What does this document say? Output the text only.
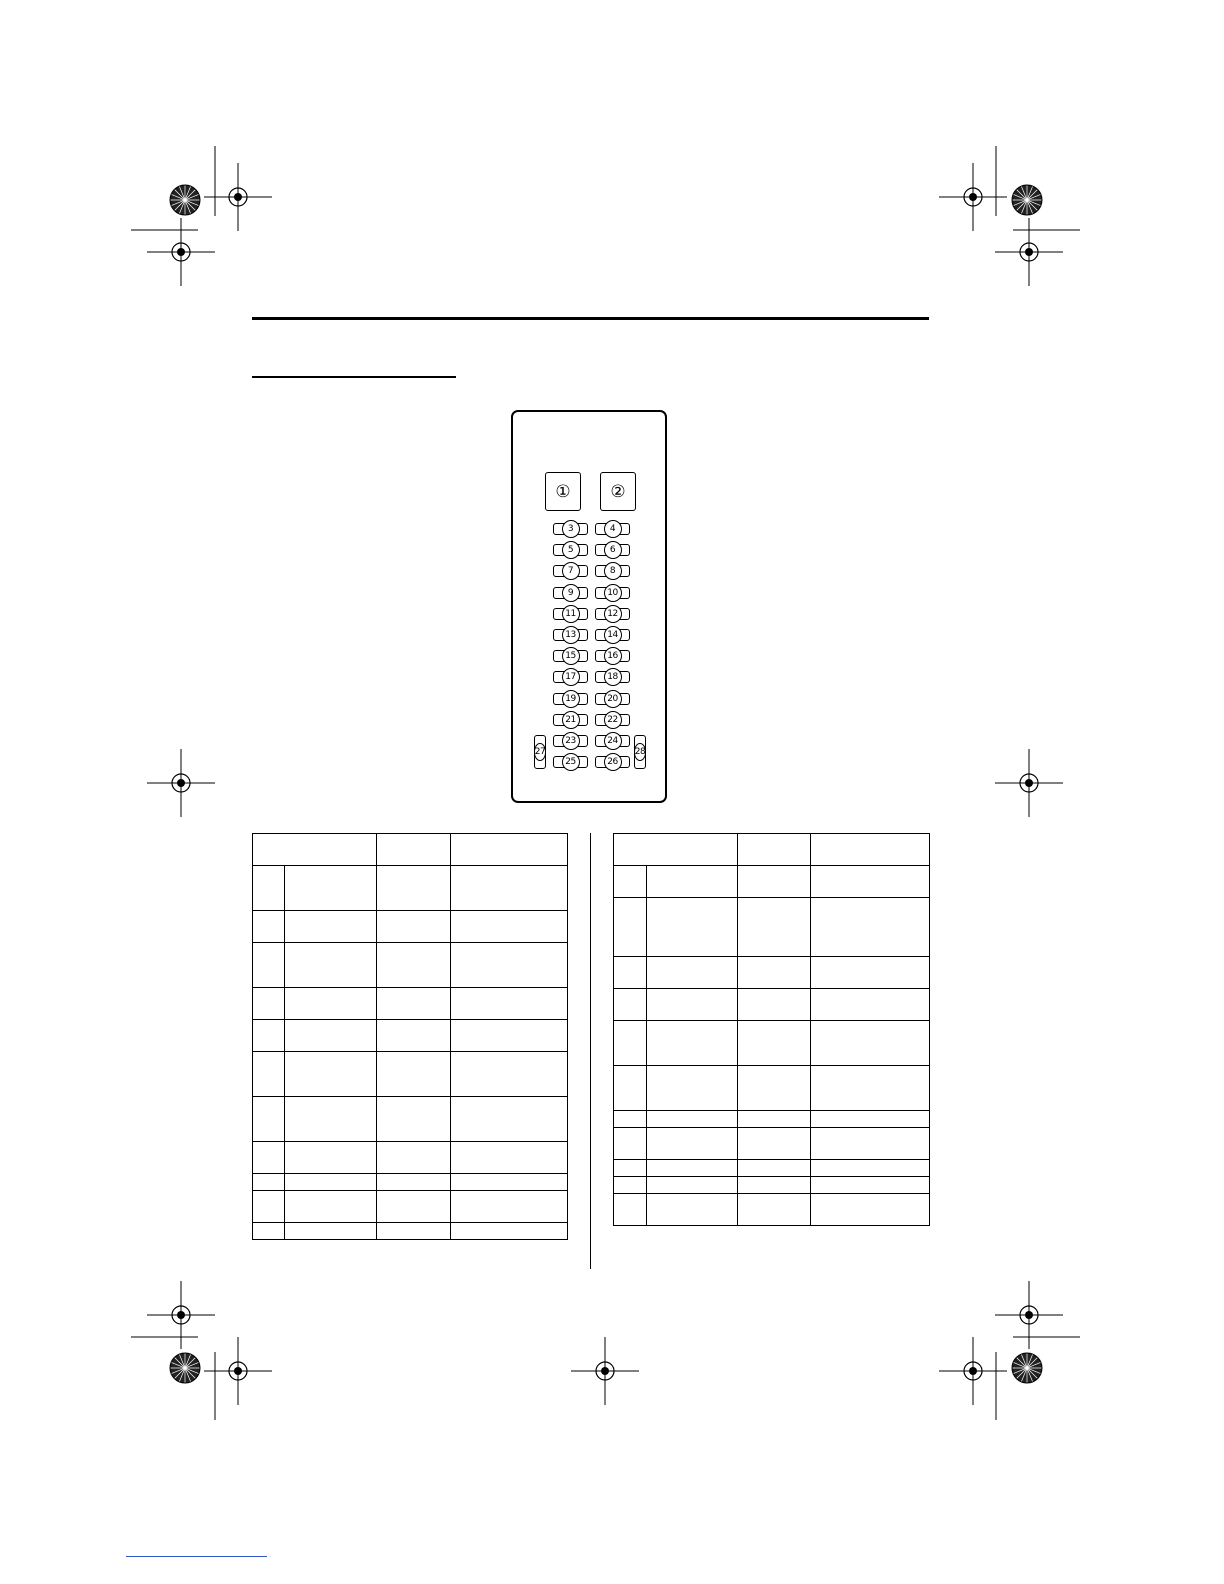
① ②
3	4
5	6
7	8
9	10
11	12
13	14
15	16
17	18
19	20
21	22
23	24
25	26
27	28
